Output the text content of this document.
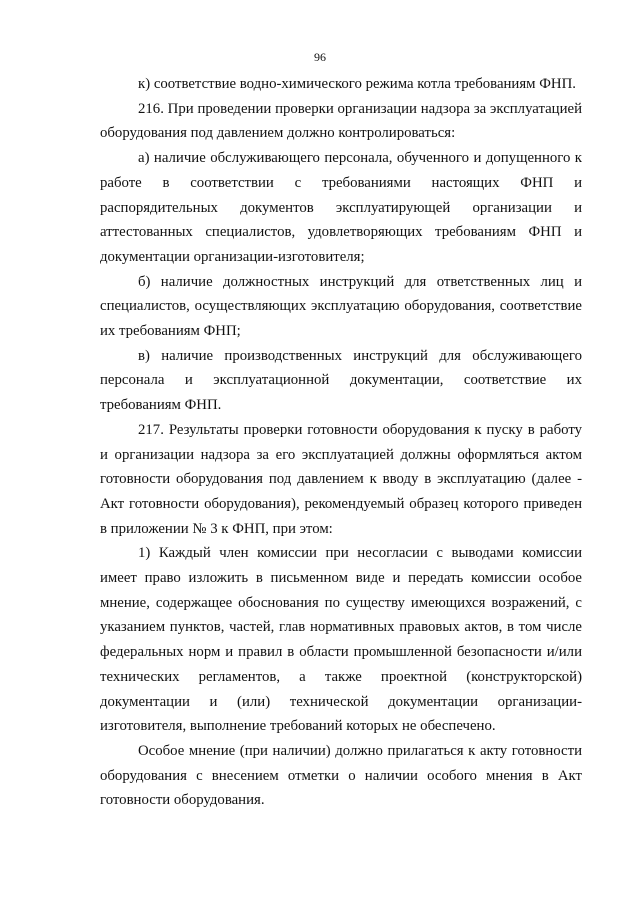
96

к) соответствие водно-химического режима котла требованиям ФНП.

216. При проведении проверки организации надзора за эксплуатацией оборудования под давлением должно контролироваться:

а) наличие обслуживающего персонала, обученного и допущенного к работе в соответствии с требованиями настоящих ФНП и распорядительных документов эксплуатирующей организации и аттестованных специалистов, удовлетворяющих требованиям ФНП и документации организации-изготовителя;

б) наличие должностных инструкций для ответственных лиц и специалистов, осуществляющих эксплуатацию оборудования, соответствие их требованиям ФНП;

в) наличие производственных инструкций для обслуживающего персонала и эксплуатационной документации, соответствие их требованиям ФНП.

217. Результаты проверки готовности оборудования к пуску в работу и организации надзора за его эксплуатацией должны оформляться актом готовности оборудования под давлением к вводу в эксплуатацию (далее - Акт готовности оборудования), рекомендуемый образец которого приведен в приложении № 3 к ФНП, при этом:

1) Каждый член комиссии при несогласии с выводами комиссии имеет право изложить в письменном виде и передать комиссии особое мнение, содержащее обоснования по существу имеющихся возражений, с указанием пунктов, частей, глав нормативных правовых актов, в том числе федеральных норм и правил в области промышленной безопасности и/или технических регламентов, а также проектной (конструкторской) документации и (или) технической документации организации-изготовителя, выполнение требований которых не обеспечено.

Особое мнение (при наличии) должно прилагаться к акту готовности оборудования с внесением отметки о наличии особого мнения в Акт готовности оборудования.
